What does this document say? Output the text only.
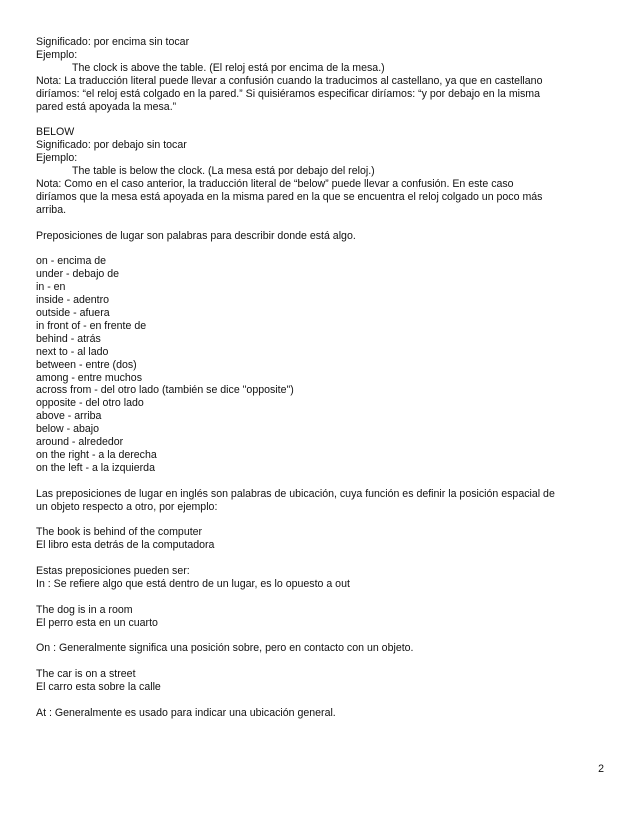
Significado: por encima sin tocar
Ejemplo:
The clock is above the table. (El reloj está por encima de la mesa.)
Nota: La traducción literal puede llevar a confusión cuando la traducimos al castellano, ya que en castellano
diríamos: “el reloj está colgado en la pared.” Si quisiéramos especificar diríamos: “y por debajo en la misma
pared está apoyada la mesa.”
BELOW
Significado: por debajo sin tocar
Ejemplo:
The table is below the clock. (La mesa está por debajo del reloj.)
Nota: Como en el caso anterior, la traducción literal de “below” puede llevar a confusión. En este caso
diríamos que la mesa está apoyada en la misma pared en la que se encuentra el reloj colgado un poco más
arriba.
Preposiciones de lugar son palabras para describir donde está algo.
on - encima de
under - debajo de
in - en
inside - adentro
outside - afuera
in front of - en frente de
behind - atrás
next to - al lado
between - entre (dos)
among - entre muchos
across from - del otro lado (también se dice "opposite")
opposite - del otro lado
above - arriba
below - abajo
around - alrededor
on the right - a la derecha
on the left - a la izquierda
Las preposiciones de lugar en inglés son palabras de ubicación, cuya función es definir la posición espacial de
un objeto respecto a otro, por ejemplo:
The book is behind of the computer
El libro esta detrás de la computadora
Estas preposiciones pueden ser:
In : Se refiere algo que está dentro de un lugar, es lo opuesto a out
The dog is in a room
El perro esta en un cuarto
On : Generalmente significa una posición sobre, pero en contacto con un objeto.
The car is on a street
El carro esta sobre la calle
At : Generalmente es usado para indicar una ubicación general.
2
